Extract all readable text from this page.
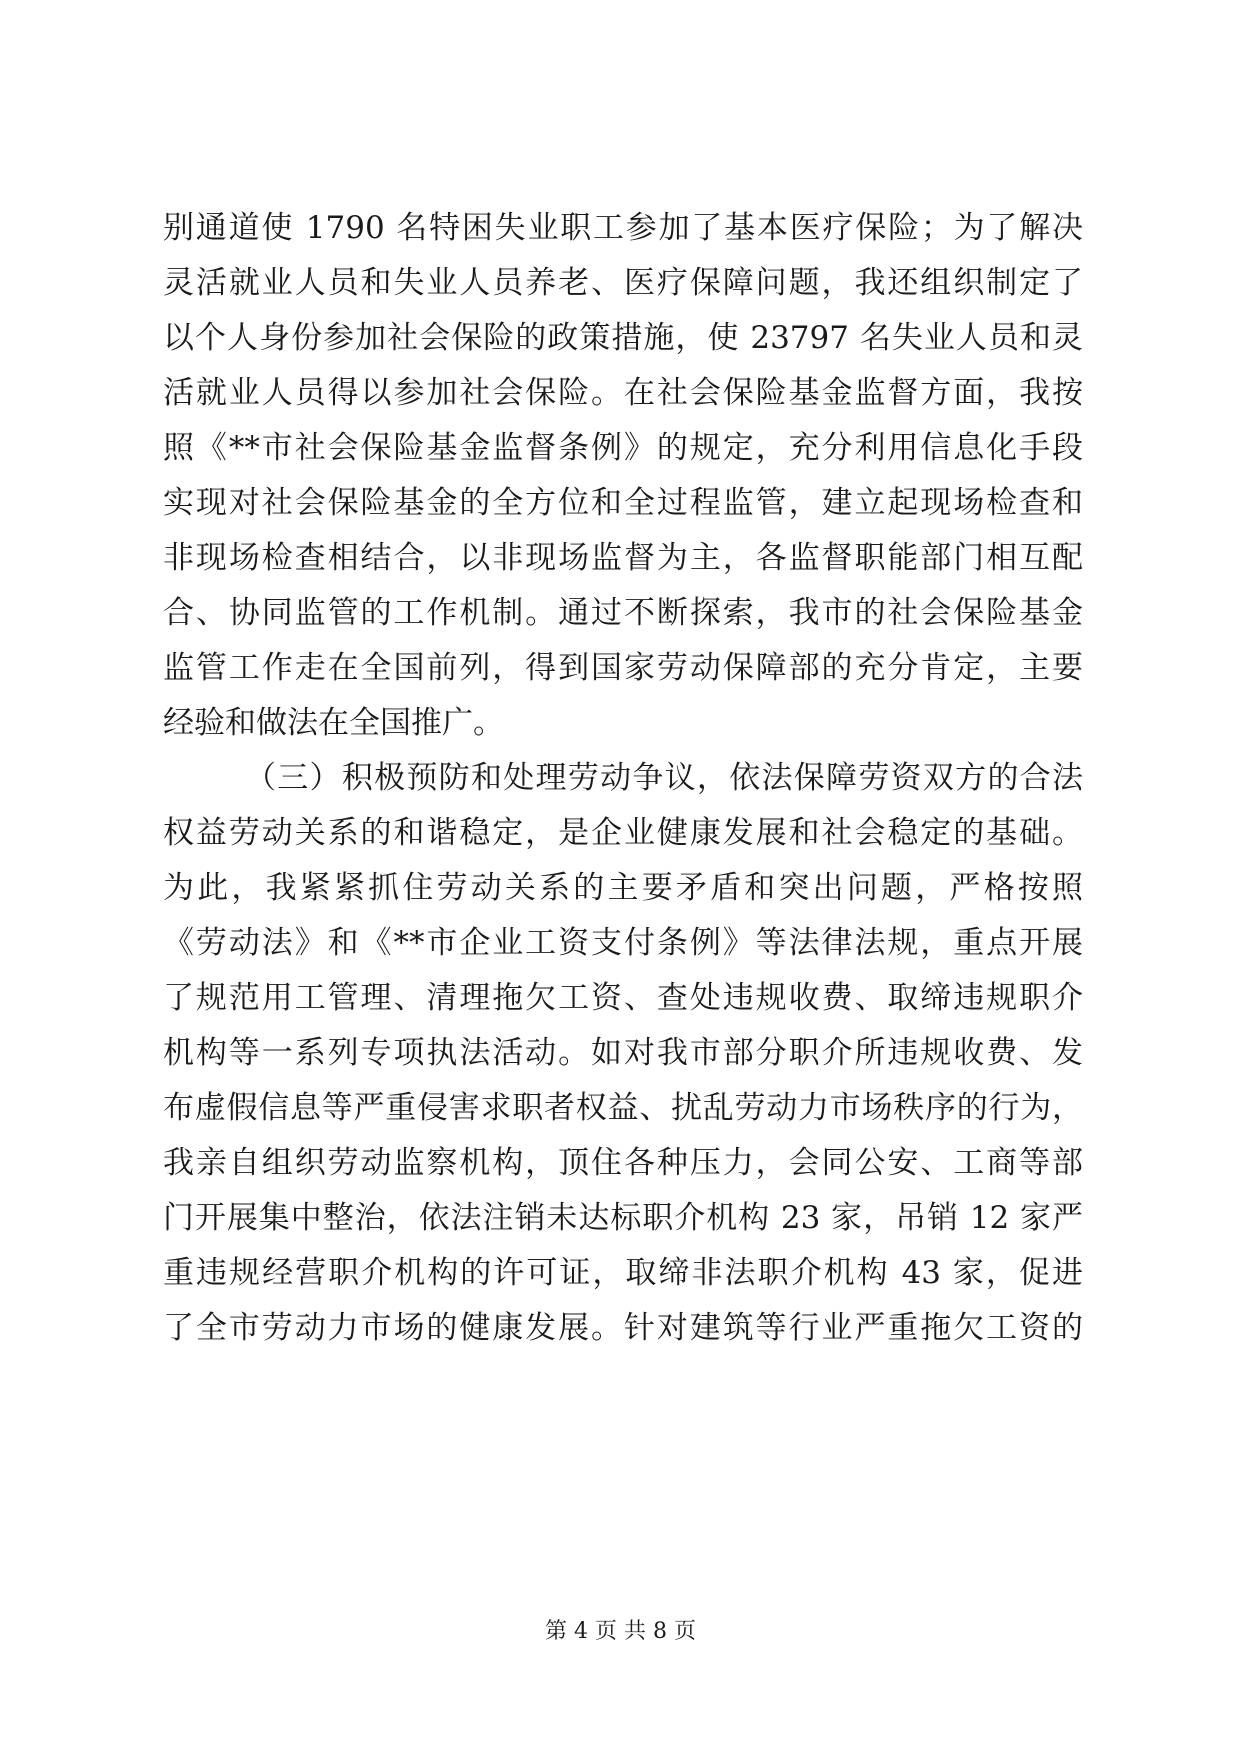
别通道使 1790 名特困失业职工参加了基本医疗保险；为了解决
灵活就业人员和失业人员养老、医疗保障问题，我还组织制定了
以个人身份参加社会保险的政策措施，使 23797 名失业人员和灵
活就业人员得以参加社会保险。在社会保险基金监督方面，我按
照《**市社会保险基金监督条例》的规定，充分利用信息化手段
实现对社会保险基金的全方位和全过程监管，建立起现场检查和
非现场检查相结合，以非现场监督为主，各监督职能部门相互配
合、协同监管的工作机制。通过不断探索，我市的社会保险基金
监管工作走在全国前列，得到国家劳动保障部的充分肯定，主要
经验和做法在全国推广。
（三）积极预防和处理劳动争议，依法保障劳资双方的合法
权益劳动关系的和谐稳定，是企业健康发展和社会稳定的基础。
为此，我紧紧抓住劳动关系的主要矛盾和突出问题，严格按照
《劳动法》和《**市企业工资支付条例》等法律法规，重点开展
了规范用工管理、清理拖欠工资、查处违规收费、取缔违规职介
机构等一系列专项执法活动。如对我市部分职介所违规收费、发
布虚假信息等严重侵害求职者权益、扰乱劳动力市场秩序的行为，
我亲自组织劳动监察机构，顶住各种压力，会同公安、工商等部
门开展集中整治，依法注销未达标职介机构 23 家，吊销 12 家严
重违规经营职介机构的许可证，取缔非法职介机构 43 家，促进
了全市劳动力市场的健康发展。针对建筑等行业严重拖欠工资的
第 4 页 共 8 页
